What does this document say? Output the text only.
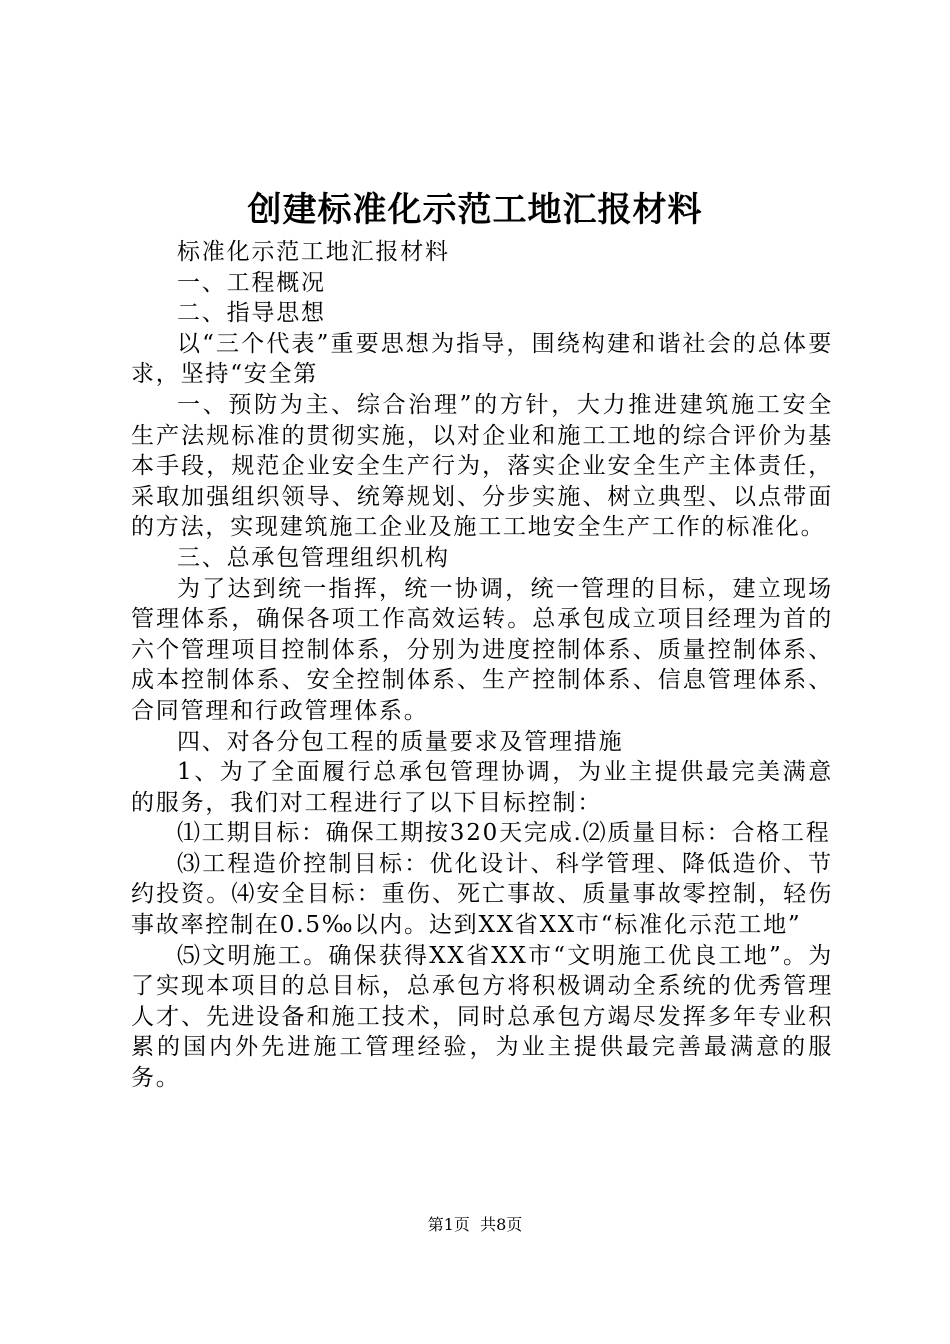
创建标准化示范工地汇报材料

标准化示范工地汇报材料

一、工程概况

二、指导思想

以“三个代表”重要思想为指导，围绕构建和谐社会的总体要求，坚持“安全第

一、预防为主、综合治理”的方针，大力推进建筑施工安全生产法规标准的贯彻实施，以对企业和施工工地的综合评价为基本手段，规范企业安全生产行为，落实企业安全生产主体责任，采取加强组织领导、统筹规划、分步实施、树立典型、以点带面的方法，实现建筑施工企业及施工工地安全生产工作的标准化。

三、总承包管理组织机构

为了达到统一指挥，统一协调，统一管理的目标，建立现场管理体系，确保各项工作高效运转。总承包成立项目经理为首的六个管理项目控制体系，分别为进度控制体系、质量控制体系、成本控制体系、安全控制体系、生产控制体系、信息管理体系、合同管理和行政管理体系。

四、对各分包工程的质量要求及管理措施

1、为了全面履行总承包管理协调，为业主提供最完美满意的服务，我们对工程进行了以下目标控制：

⑴工期目标：确保工期按320天完成.⑵质量目标：合格工程

⑶工程造价控制目标：优化设计、科学管理、降低造价、节约投资。⑷安全目标：重伤、死亡事故、质量事故零控制，轻伤事故率控制在0.5‰以内。达到XX省XX市“标准化示范工地”

⑸文明施工。确保获得XX省XX市“文明施工优良工地”。为了实现本项目的总目标，总承包方将积极调动全系统的优秀管理人才、先进设备和施工技术，同时总承包方竭尽发挥多年专业积累的国内外先进施工管理经验，为业主提供最完善最满意的服务。

第1页 共8页
